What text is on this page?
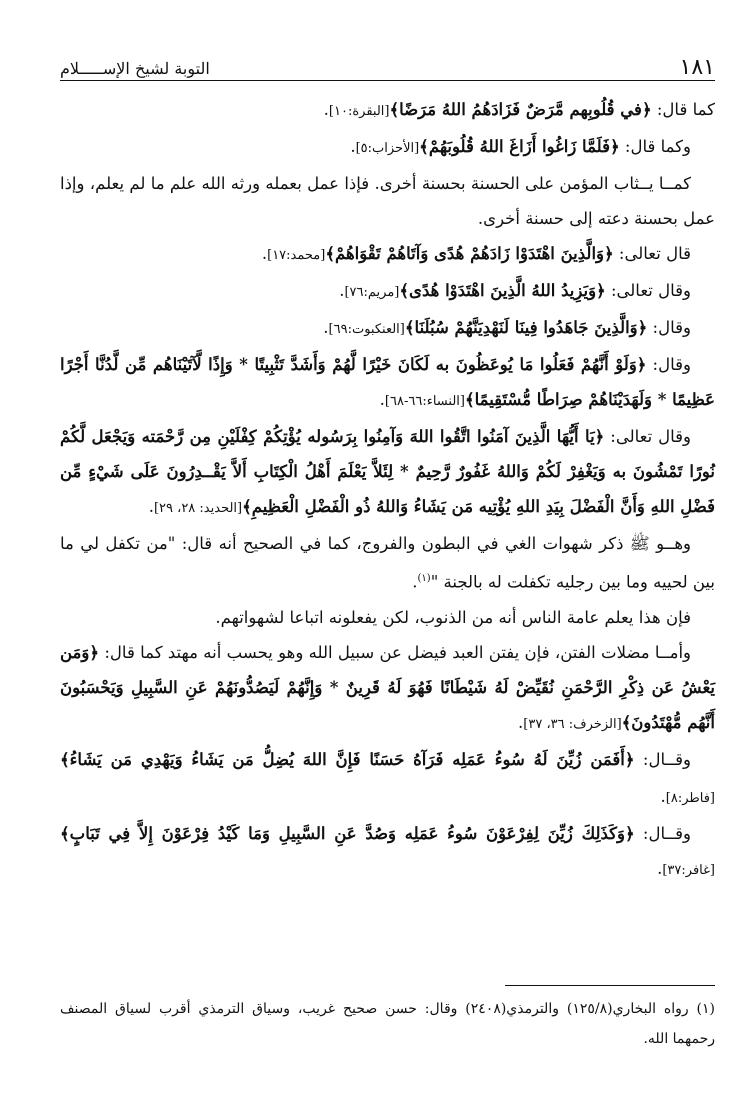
١٨١
التوبة لشيخ الإســـــلام

كما قال: ﴿في قُلُوبِهم مَّرَضٌ فَزَادَهُمُ اللهُ مَرَضًا﴾[البقرة:١٠].

وكما قال: ﴿فَلَمَّا زَاغُوا أَزَاغَ اللهُ قُلُوبَهُمْ﴾[الأحزاب:٥].

كمــا يــثاب المؤمن على الحسنة بحسنة أخرى. فإذا عمل بعمله ورثه الله علم ما لم يعلم، وإذا عمل بحسنة دعته إلى حسنة أخرى.

قال تعالى: ﴿وَالَّذِينَ اهْتَدَوْا زَادَهُمْ هُدًى وَآتَاهُمْ تَقْوَاهُمْ﴾[محمد:١٧].

وقال تعالى: ﴿وَيَزِيدُ اللهُ الَّذِينَ اهْتَدَوْا هُدًى﴾[مريم:٧٦].

وقال: ﴿وَالَّذِينَ جَاهَدُوا فِينَا لَنَهْدِيَنَّهُمْ سُبُلَنَا﴾[العنكبوت:٦٩].

وقال: ﴿وَلَوْ أَنَّهُمْ فَعَلُوا مَا يُوعَظُونَ به لَكَانَ خَيْرًا لَّهُمْ وَأَشَدَّ تَثْبِيتًا * وَإِذًا لَّآتَيْنَاهُم مِّن لَّدُنَّا أَجْرًا عَظِيمًا * وَلَهَدَيْنَاهُمْ صِرَاطًا مُّسْتَقِيمًا﴾[النساء:٦٦-٦٨].

وقال تعالى: ﴿يَا أَيُّهَا الَّذِينَ آمَنُوا اتَّقُوا اللهَ وَآمِنُوا بِرَسُوله يُؤْتِكُمْ كِفْلَيْنِ مِن رَّحْمَته وَيَجْعَل لَّكُمْ نُورًا تَمْشُونَ به وَيَغْفِرْ لَكُمْ وَاللهُ غَفُورٌ رَّحِيمٌ * لِئَلاَّ يَعْلَمَ أَهْلُ الْكِتَابِ أَلاَّ يَقْــدِرُونَ عَلَى شَيْءٍ مِّن فَضْلِ اللهِ وَأَنَّ الْفَضْلَ بِيَدِ اللهِ يُؤْتِيه مَن يَشَاءُ وَاللهُ ذُو الْفَضْلِ الْعَظِيمِ﴾[الحديد: ٢٨، ٢٩].

وهــو ﷺ ذكر شهوات الغي في البطون والفروج، كما في الصحيح أنه قال: "من تكفل لي ما بين لحييه وما بين رجليه تكفلت له بالجنة "$^{(١)}$.

فإن هذا يعلم عامة الناس أنه من الذنوب، لكن يفعلونه اتباعا لشهواتهم.

وأمــا مضلات الفتن، فإن يفتن العبد فيضل عن سبيل الله وهو يحسب أنه مهتد كما قال: ﴿وَمَن يَعْشُ عَن ذِكْرِ الرَّحْمَنِ نُقَيِّضْ لَهُ شَيْطَانًا فَهُوَ لَهُ قَرِينٌ * وَإِنَّهُمْ لَيَصُدُّونَهُمْ عَنِ السَّبِيلِ وَيَحْسَبُونَ أَنَّهُم مُّهْتَدُونَ﴾[الزخرف: ٣٦، ٣٧].

وقــال: ﴿أَفَمَن زُيِّنَ لَهُ سُوءُ عَمَلِه فَرَآهُ حَسَنًا فَإِنَّ اللهَ يُضِلُّ مَن يَشَاءُ وَيَهْدِي مَن يَشَاءُ﴾ [فاطر:٨].

وقــال: ﴿وَكَذَلِكَ زُيِّنَ لِفِرْعَوْنَ سُوءُ عَمَلِه وَصُدَّ عَنِ السَّبِيلِ وَمَا كَيْدُ فِرْعَوْنَ إِلاَّ فِي تَبَابٍ﴾[غافر:٣٧].

(١) رواه البخاري(١٢٥/٨) والترمذي(٢٤٠٨) وقال: حسن صحيح غريب، وسياق الترمذي أقرب لسياق المصنف رحمهما الله.
